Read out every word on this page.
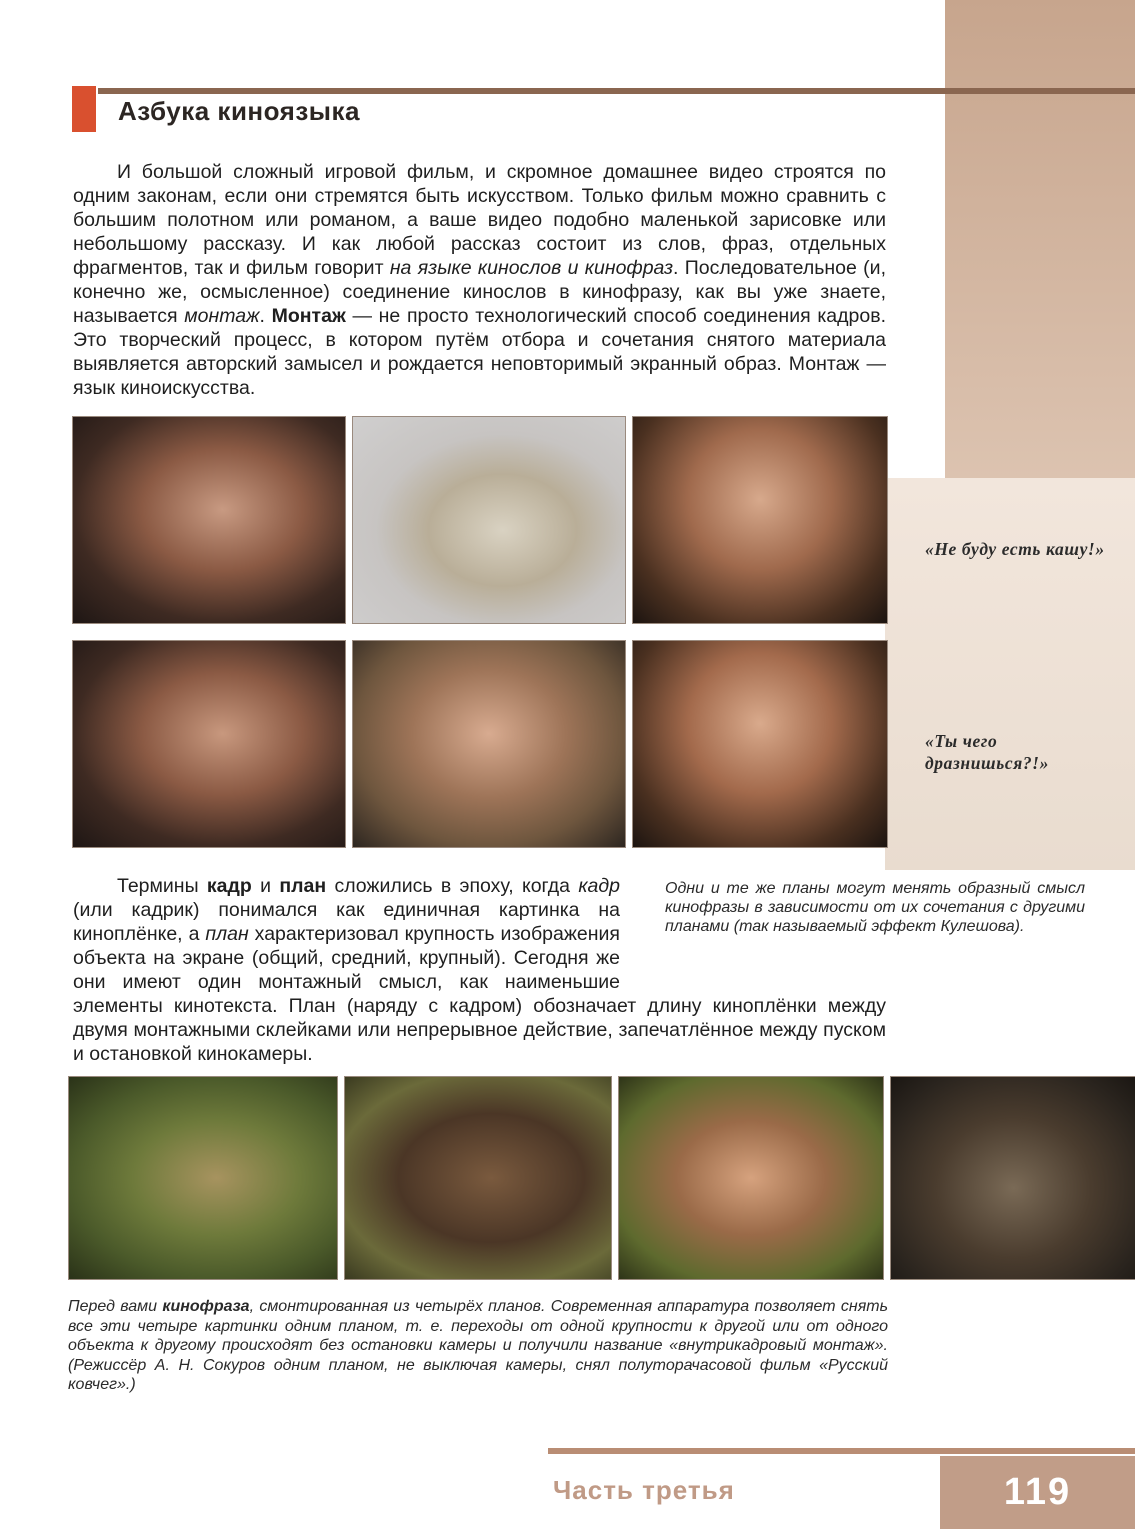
Азбука киноязыка

И большой сложный игровой фильм, и скромное домашнее видео строятся по одним законам, если они стремятся быть искусством. Только фильм можно сравнить с большим полотном или романом, а ваше видео подобно маленькой зарисовке или небольшому рассказу. И как любой рассказ состоит из слов, фраз, отдельных фрагментов, так и фильм говорит на языке кинослов и кинофраз. Последовательное (и, конечно же, осмысленное) соединение кинослов в кинофразу, как вы уже знаете, называется монтаж. Монтаж — не просто технологический способ соединения кадров. Это творческий процесс, в котором путём отбора и сочетания снятого материала выявляется авторский замысел и рождается неповторимый экранный образ. Монтаж — язык киноискусства.

«Не буду есть кашу!»

«Ты чего дразнишься?!»

Термины кадр и план сложились в эпоху, когда кадр (или кадрик) понимался как единичная картинка на киноплёнке, а план характеризовал крупность изображения объекта на экране (общий, средний, крупный). Сегодня же они имеют один монтажный смысл, как наименьшие элементы кинотекста. План (наряду с кадром) обозначает длину киноплёнки между двумя монтажными склейками или непрерывное действие, запечатлённое между пуском и остановкой кинокамеры.

Одни и те же планы могут менять образный смысл кинофразы в зависимости от их сочетания с другими планами (так называемый эффект Кулешова).

Перед вами кинофраза, смонтированная из четырёх планов. Современная аппаратура позволяет снять все эти четыре картинки одним планом, т. е. переходы от одной крупности к другой или от одного объекта к другому происходят без остановки камеры и получили название «внутрикадровый монтаж». (Режиссёр А. Н. Сокуров одним планом, не выключая камеры, снял полуторачасовой фильм «Русский ковчег».)

Часть третья	119
